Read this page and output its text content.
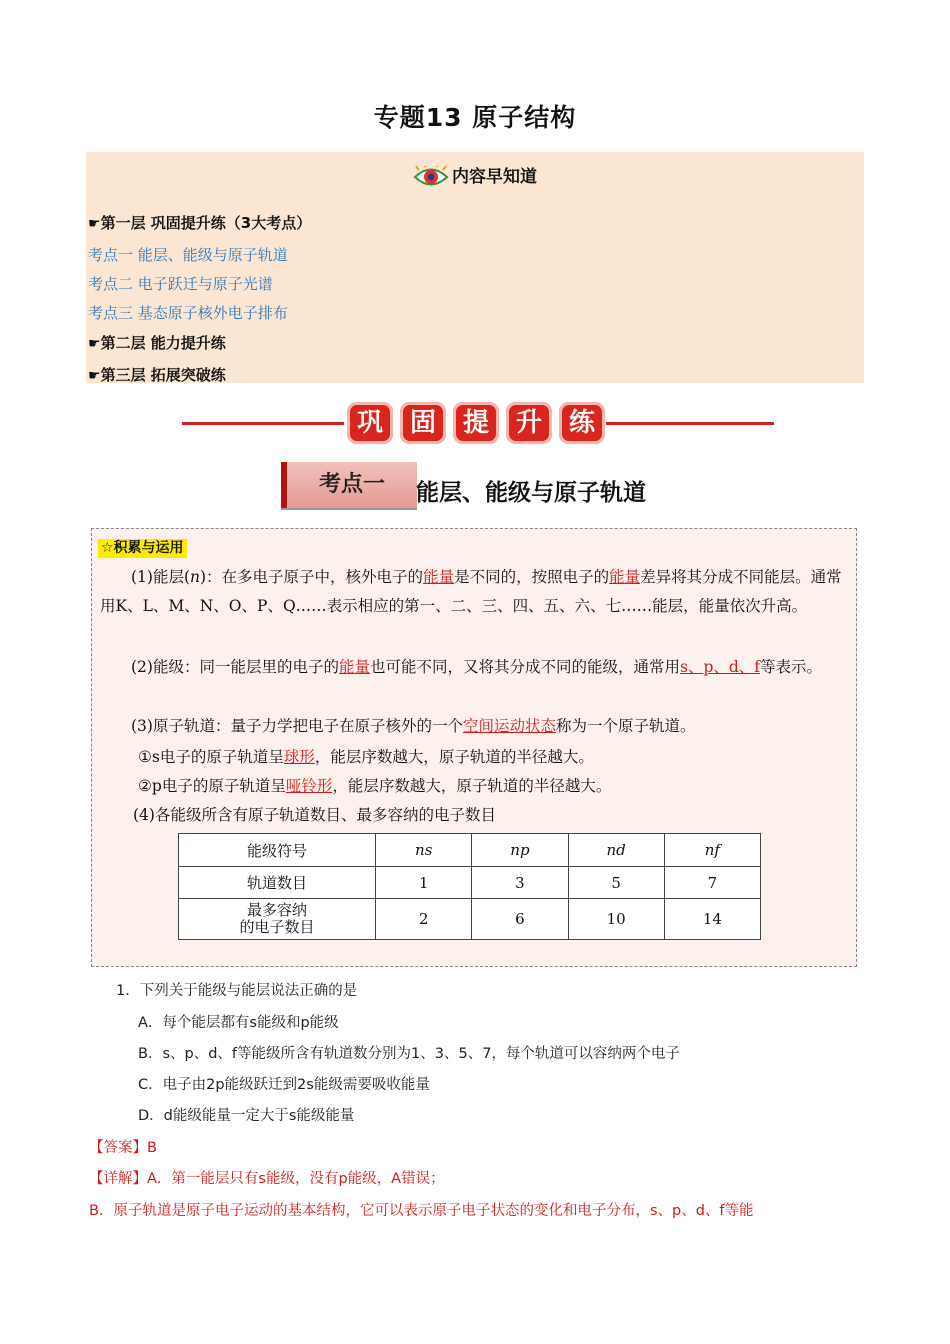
专题13 原子结构
内容早知道
☛第一层 巩固提升练（3大考点）
考点一 能层、能级与原子轨道
考点二 电子跃迁与原子光谱
考点三 基态原子核外电子排布
☛第二层 能力提升练
☛第三层 拓展突破练
巩	固	提	升	练
考点一	能层、能级与原子轨道
☆积累与运用
(1)能层(n)：在多电子原子中，核外电子的能量是不同的，按照电子的能量差异将其分成不同能层。通常用K、L、M、N、O、P、Q……表示相应的第一、二、三、四、五、六、七……能层，能量依次升高。
(2)能级：同一能层里的电子的能量也可能不同，又将其分成不同的能级，通常用s、p、d、f等表示。
(3)原子轨道：量子力学把电子在原子核外的一个空间运动状态称为一个原子轨道。
①s电子的原子轨道呈球形，能层序数越大，原子轨道的半径越大。
②p电子的原子轨道呈哑铃形，能层序数越大，原子轨道的半径越大。
(4)各能级所含有原子轨道数目、最多容纳的电子数目
能级符号	ns	np	nd	nf
轨道数目	1	3	5	7
最多容纳
的电子数目	2	6	10	14
1．下列关于能级与能层说法正确的是
A．每个能层都有s能级和p能级
B．s、p、d、f等能级所含有轨道数分别为1、3、5、7，每个轨道可以容纳两个电子
C．电子由2p能级跃迁到2s能级需要吸收能量
D．d能级能量一定大于s能级能量
【答案】B
【详解】A．第一能层只有s能级，没有p能级，A错误；
B．原子轨道是原子电子运动的基本结构，它可以表示原子电子状态的变化和电子分布，s、p、d、f等能
